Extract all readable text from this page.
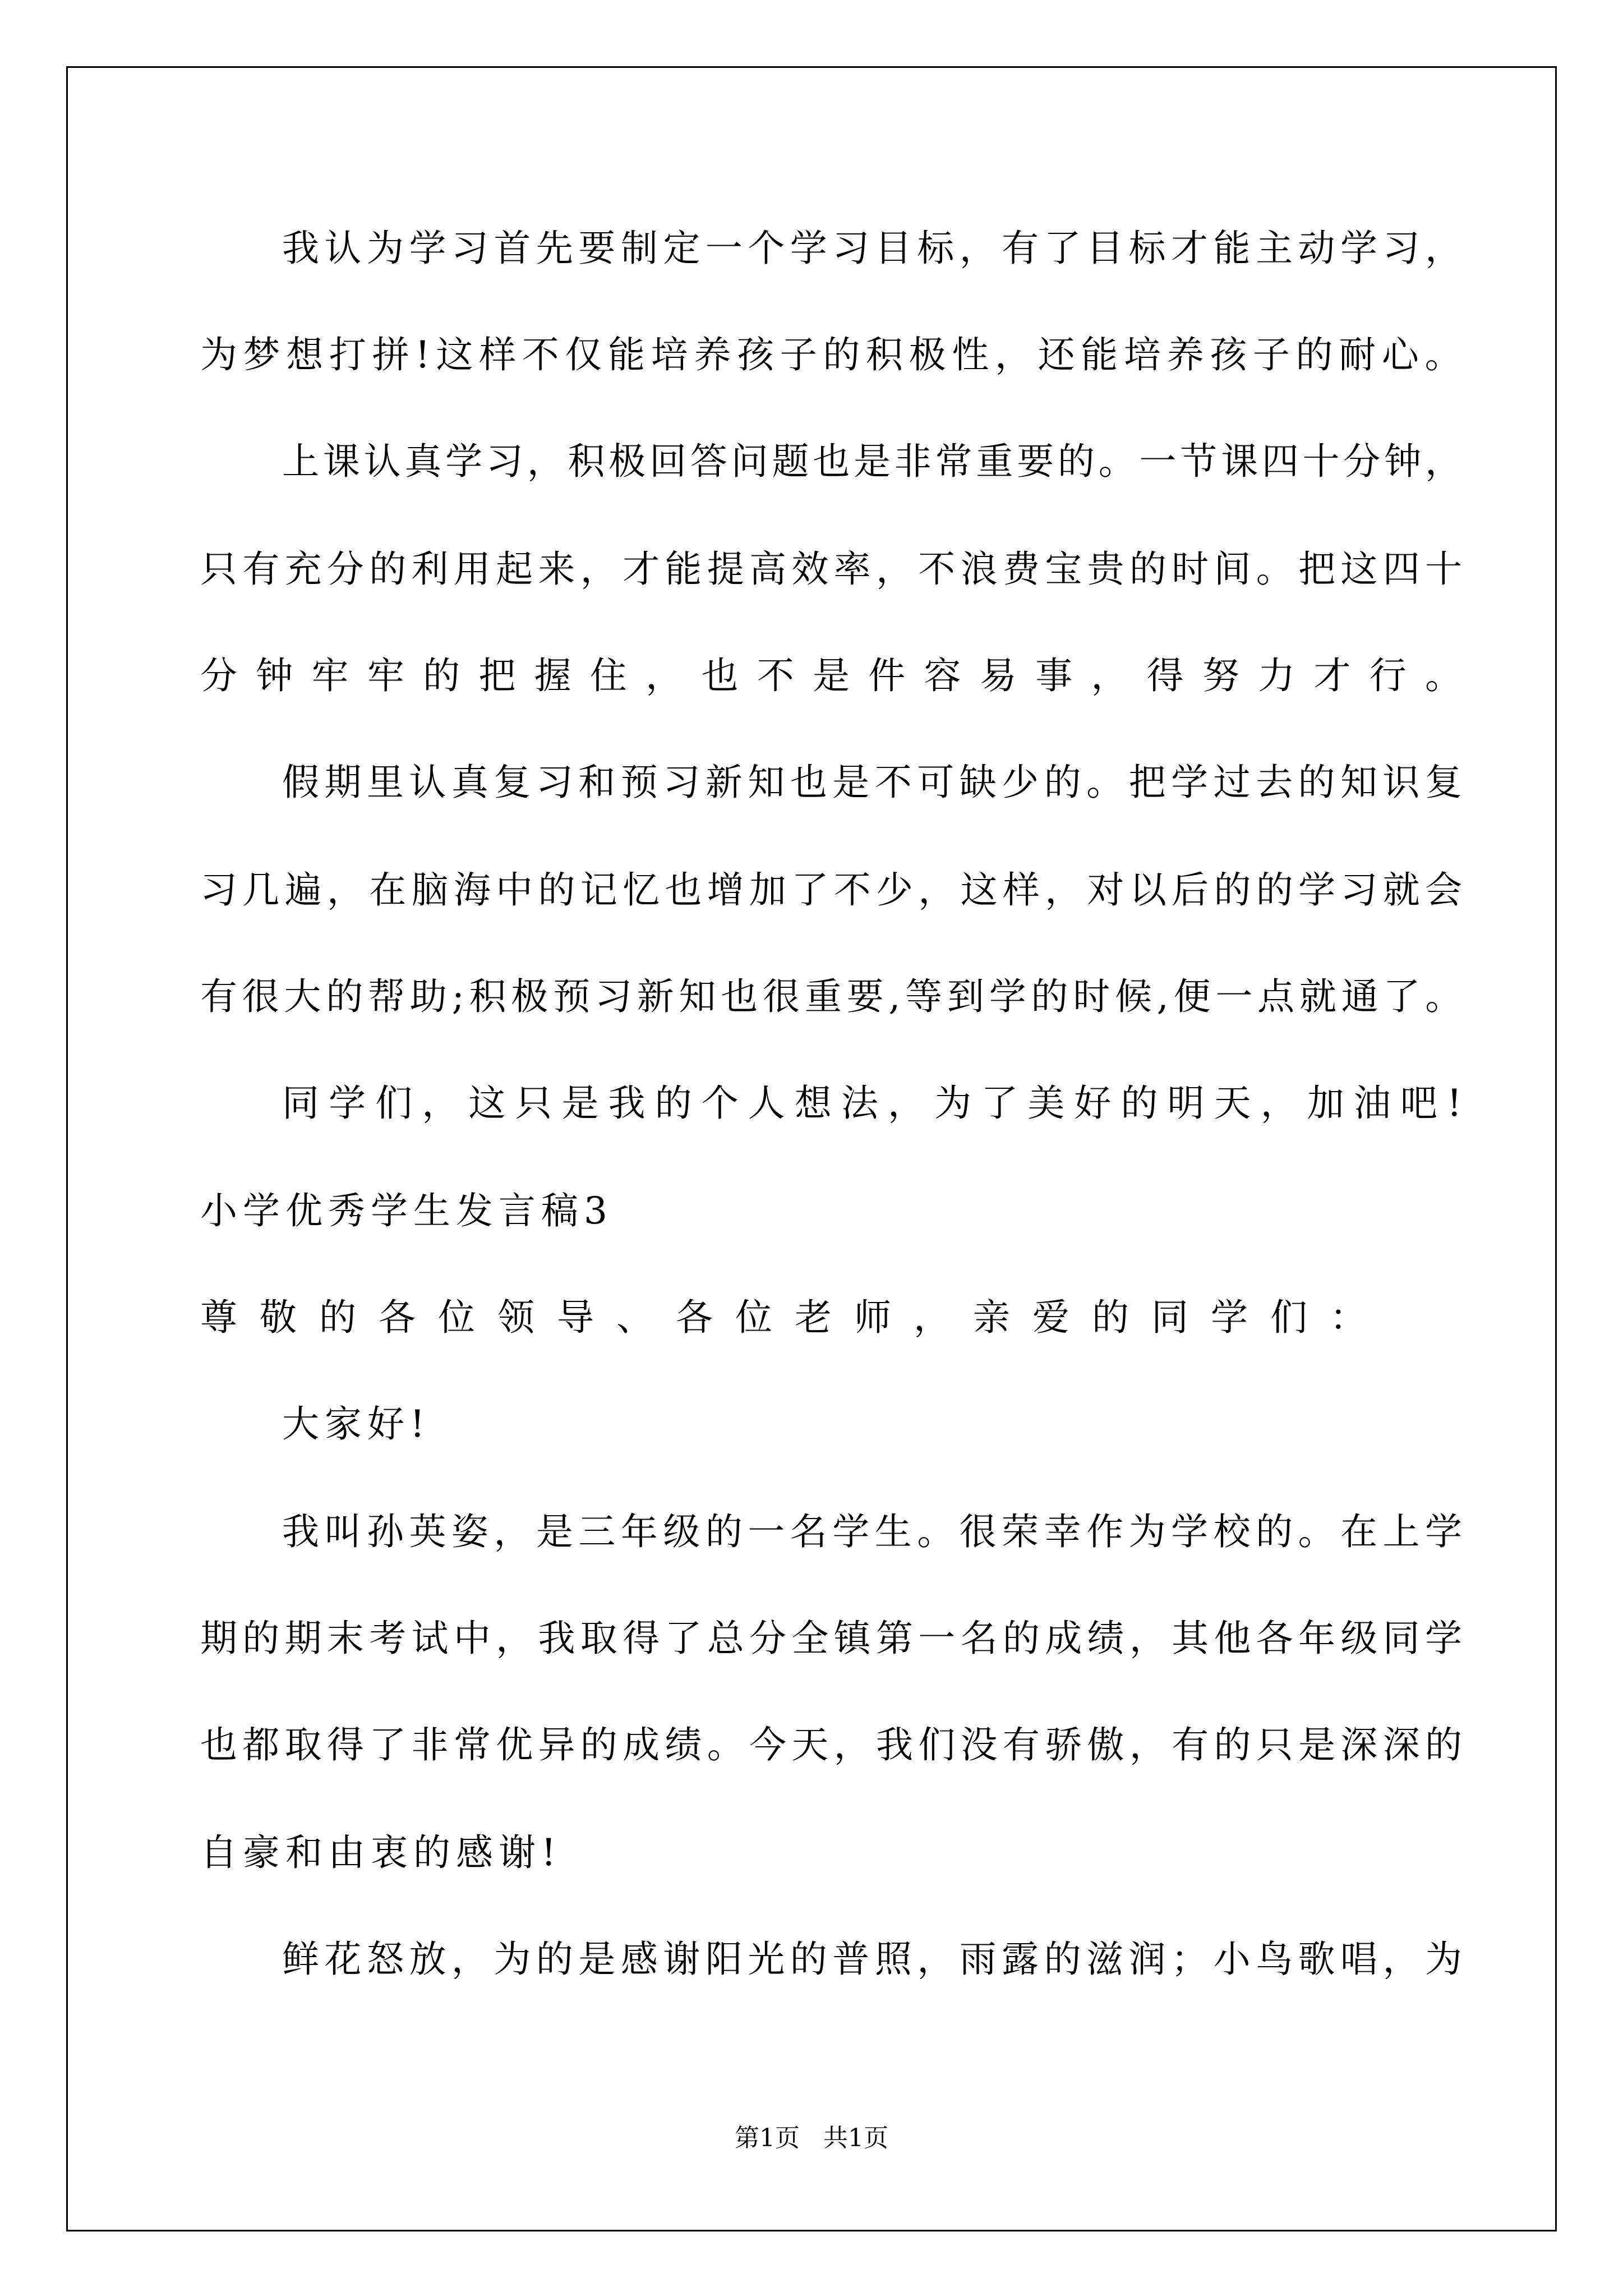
我认为学习首先要制定一个学习目标，有了目标才能主动学习，
为梦想打拼!这样不仅能培养孩子的积极性，还能培养孩子的耐心。
上课认真学习，积极回答问题也是非常重要的。一节课四十分钟，
只有充分的利用起来，才能提高效率，不浪费宝贵的时间。把这四十
分钟牢牢的把握住，也不是件容易事，得努力才行。
假期里认真复习和预习新知也是不可缺少的。把学过去的知识复
习几遍，在脑海中的记忆也增加了不少，这样，对以后的的学习就会
有很大的帮助;积极预习新知也很重要,等到学的时候,便一点就通了。
同学们，这只是我的个人想法，为了美好的明天，加油吧!
小学优秀学生发言稿3
尊敬的各位领导、各位老师，亲爱的同学们：
大家好!
我叫孙英姿，是三年级的一名学生。很荣幸作为学校的。在上学
期的期末考试中，我取得了总分全镇第一名的成绩，其他各年级同学
也都取得了非常优异的成绩。今天，我们没有骄傲，有的只是深深的
自豪和由衷的感谢!
鲜花怒放，为的是感谢阳光的普照，雨露的滋润；小鸟歌唱，为
第1页   共1页
